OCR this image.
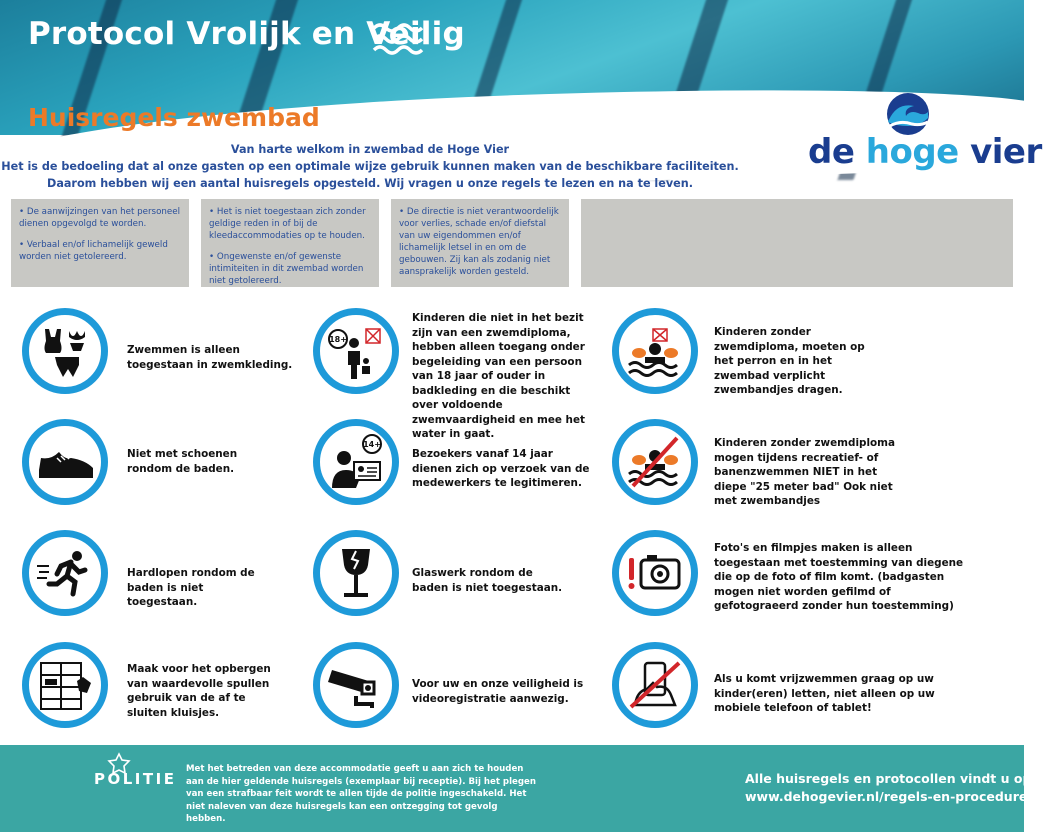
Protocol Vrolijk en Veilig
Huisregels zwembad
Van harte welkom in zwembad de Hoge Vier
Het is de bedoeling dat al onze gasten op een optimale wijze gebruik kunnen maken van de beschikbare faciliteiten.
Daarom hebben wij een aantal huisregels opgesteld. Wij vragen u onze regels te lezen en na te leven.
de hoge vier

• De aanwijzingen van het personeel dienen opgevolgd te worden.

• Verbaal en/of lichamelijk geweld worden niet getolereerd.

• Het is niet toegestaan zich zonder geldige reden in of bij de kleedaccommodaties op te houden.

• Ongewenste en/of gewenste intimiteiten in dit zwembad worden niet getolereerd.

• De directie is niet verantwoordelijk voor verlies, schade en/of diefstal van uw eigendommen en/of lichamelijk letsel in en om de gebouwen. Zij kan als zodanig niet aansprakelijk worden gesteld.

Zwemmen is alleen toegestaan in zwemkleding.
Niet met schoenen rondom de baden.
Hardlopen rondom de baden is niet toegestaan.
Maak voor het opbergen van waardevolle spullen gebruik van de af te sluiten kluisjes.
18+
Kinderen die niet in het bezit zijn van een zwemdiploma, hebben alleen toegang onder begeleiding van een persoon van 18 jaar of ouder in badkleding en die beschikt over voldoende zwemvaardigheid en mee het water in gaat.
14+
Bezoekers vanaf 14 jaar dienen zich op verzoek van de medewerkers te legitimeren.
Glaswerk rondom de baden is niet toegestaan.
Voor uw en onze veiligheid is videoregistratie aanwezig.
Kinderen zonder zwemdiploma, moeten op het perron en in het zwembad verplicht zwembandjes dragen.
Kinderen zonder zwemdiploma mogen tijdens recreatief- of banenzwemmen NIET in het diepe "25 meter bad" Ook niet met zwembandjes
Foto's en filmpjes maken is alleen toegestaan met toestemming van diegene die op de foto of film komt. (badgasten mogen niet worden gefilmd of gefotograeerd zonder hun toestemming)
Als u komt vrijzwemmen graag op uw kinder(eren) letten, niet alleen op uw mobiele telefoon of tablet!
POLITIE
Met het betreden van deze accommodatie geeft u aan zich te houden aan de hier geldende huisregels (exemplaar bij receptie). Bij het plegen van een strafbaar feit wordt te allen tijde de politie ingeschakeld. Het niet naleven van deze huisregels kan een ontzegging tot gevolg hebben.
Alle huisregels en protocollen vindt u op:
www.dehogevier.nl/regels-en-procedures/
